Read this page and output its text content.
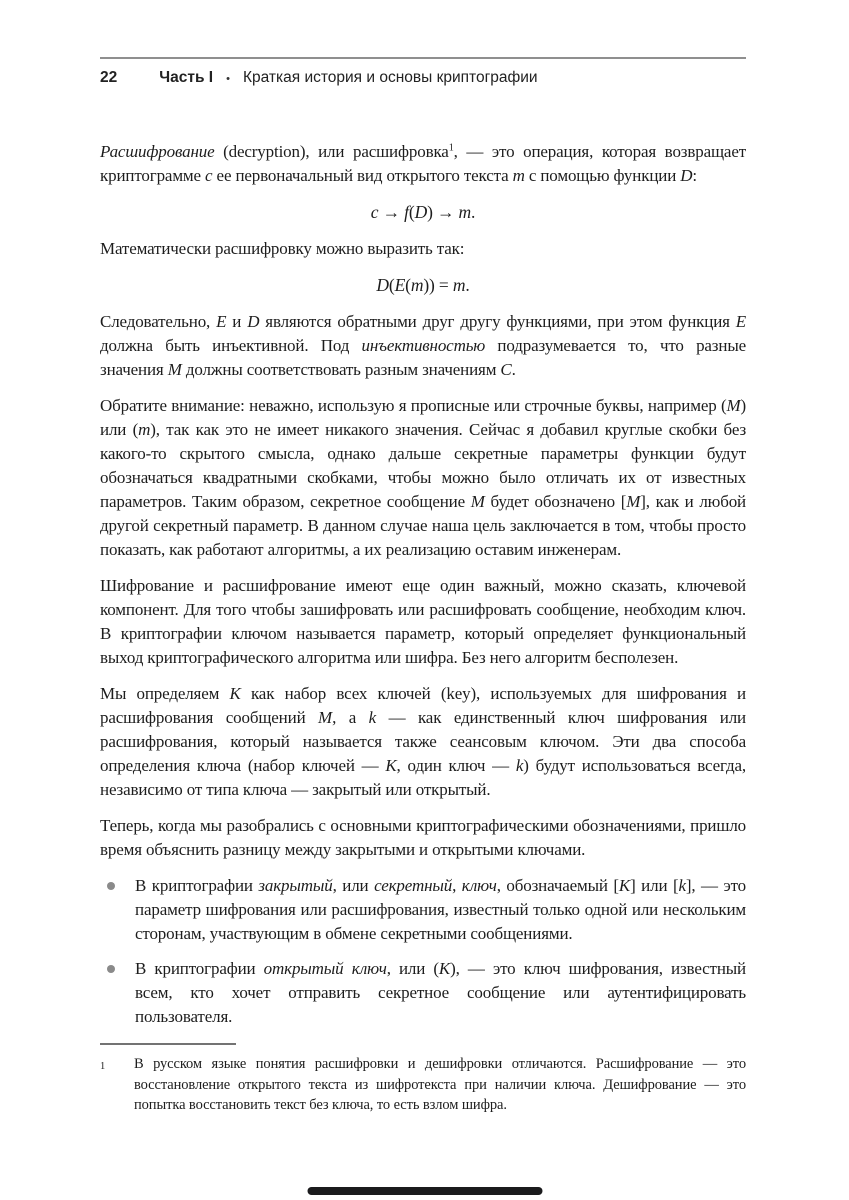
22	Часть I • Краткая история и основы криптографии

Расшифрование (decryption), или расшифровка$^1$, — это операция, которая возвращает криптограмме c ее первоначальный вид открытого текста m с помощью функции D:

c → f(D) → m.

Математически расшифровку можно выразить так:

D(E(m)) = m.

Следовательно, E и D являются обратными друг другу функциями, при этом функция E должна быть инъективной. Под инъективностью подразумевается то, что разные значения M должны соответствовать разным значениям C.

Обратите внимание: неважно, использую я прописные или строчные буквы, например (M) или (m), так как это не имеет никакого значения. Сейчас я добавил круглые скобки без какого-то скрытого смысла, однако дальше секретные параметры функции будут обозначаться квадратными скобками, чтобы можно было отличать их от известных параметров. Таким образом, секретное сообщение M будет обозначено [M], как и любой другой секретный параметр. В данном случае наша цель заключается в том, чтобы просто показать, как работают алгоритмы, а их реализацию оставим инженерам.

Шифрование и расшифрование имеют еще один важный, можно сказать, ключевой компонент. Для того чтобы зашифровать или расшифровать сообщение, необходим ключ. В криптографии ключом называется параметр, который определяет функциональный выход криптографического алгоритма или шифра. Без него алгоритм бесполезен.

Мы определяем K как набор всех ключей (key), используемых для шифрования и расшифрования сообщений M, а k — как единственный ключ шифрования или расшифрования, который называется также сеансовым ключом. Эти два способа определения ключа (набор ключей — K, один ключ — k) будут использоваться всегда, независимо от типа ключа — закрытый или открытый.

Теперь, когда мы разобрались с основными криптографическими обозначениями, пришло время объяснить разницу между закрытыми и открытыми ключами.

В криптографии закрытый, или секретный, ключ, обозначаемый [K] или [k], — это параметр шифрования или расшифрования, известный только одной или нескольким сторонам, участвующим в обмене секретными сообщениями.
В криптографии открытый ключ, или (K), — это ключ шифрования, известный всем, кто хочет отправить секретное сообщение или аутентифицировать пользователя.
1	В русском языке понятия расшифровки и дешифровки отличаются. Расшифрование — это восстановление открытого текста из шифротекста при наличии ключа. Дешифрование — это попытка восстановить текст без ключа, то есть взлом шифра.
